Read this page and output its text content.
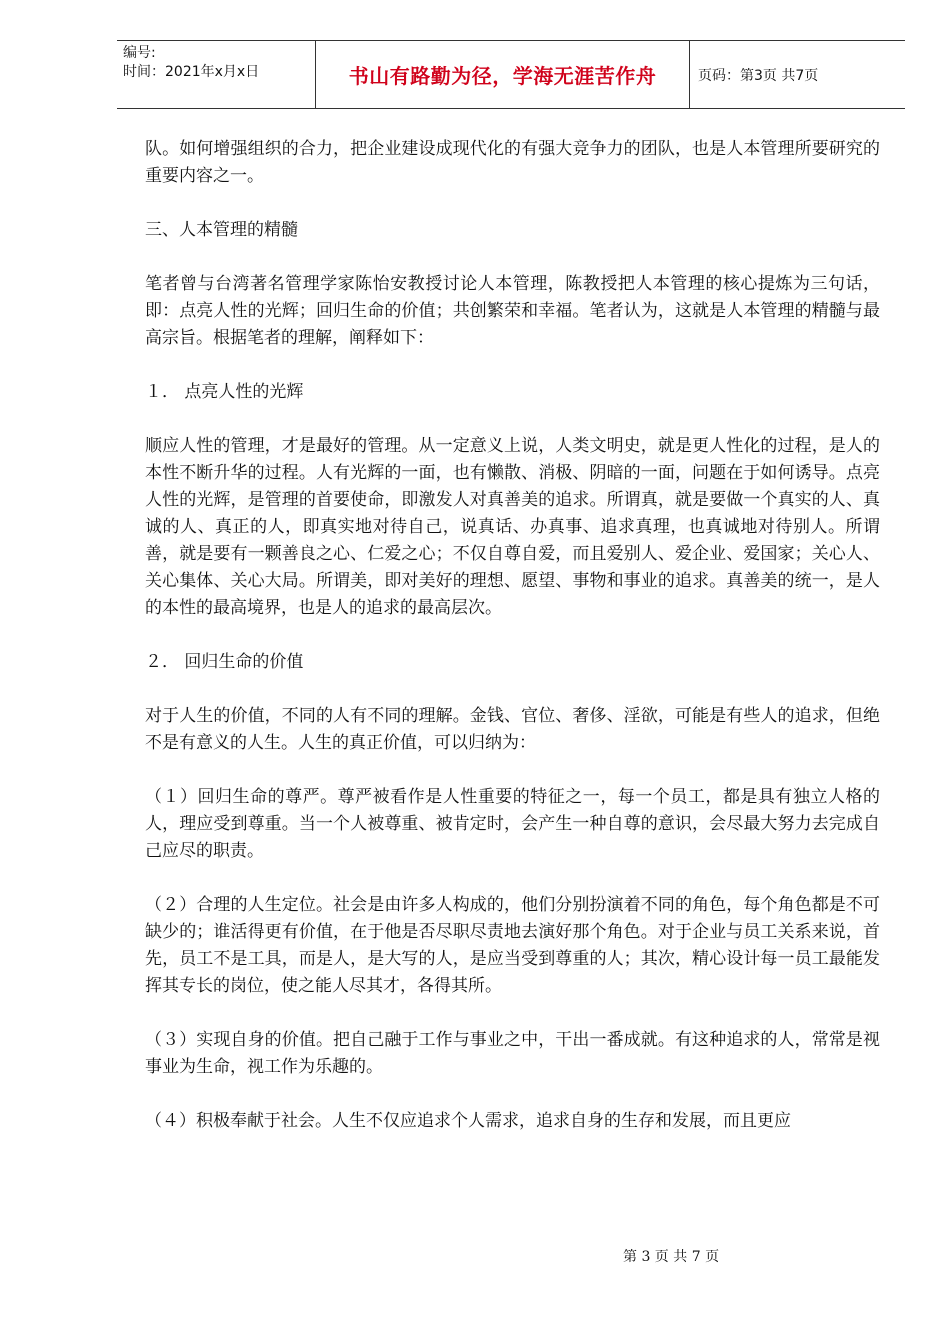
编号:
时间：2021年x月x日	书山有路勤为径，学海无涯苦作舟	页码：第3页 共7页

队。如何增强组织的合力，把企业建设成现代化的有强大竞争力的团队，也是人本管理所要研究的重要内容之一。

三、人本管理的精髓

笔者曾与台湾著名管理学家陈怡安教授讨论人本管理，陈教授把人本管理的核心提炼为三句话，即：点亮人性的光辉；回归生命的价值；共创繁荣和幸福。笔者认为，这就是人本管理的精髓与最高宗旨。根据笔者的理解，阐释如下：

１． 点亮人性的光辉

顺应人性的管理，才是最好的管理。从一定意义上说，人类文明史，就是更人性化的过程，是人的本性不断升华的过程。人有光辉的一面，也有懒散、消极、阴暗的一面，问题在于如何诱导。点亮人性的光辉，是管理的首要使命，即激发人对真善美的追求。所谓真，就是要做一个真实的人、真诚的人、真正的人，即真实地对待自己，说真话、办真事、追求真理，也真诚地对待别人。所谓善，就是要有一颗善良之心、仁爱之心；不仅自尊自爱，而且爱别人、爱企业、爱国家；关心人、关心集体、关心大局。所谓美，即对美好的理想、愿望、事物和事业的追求。真善美的统一，是人的本性的最高境界，也是人的追求的最高层次。

２． 回归生命的价值

对于人生的价值，不同的人有不同的理解。金钱、官位、奢侈、淫欲，可能是有些人的追求，但绝不是有意义的人生。人生的真正价值，可以归纳为：

（１）回归生命的尊严。尊严被看作是人性重要的特征之一，每一个员工，都是具有独立人格的人，理应受到尊重。当一个人被尊重、被肯定时，会产生一种自尊的意识，会尽最大努力去完成自己应尽的职责。

（２）合理的人生定位。社会是由许多人构成的，他们分别扮演着不同的角色，每个角色都是不可缺少的；谁活得更有价值，在于他是否尽职尽责地去演好那个角色。对于企业与员工关系来说，首先，员工不是工具，而是人，是大写的人，是应当受到尊重的人；其次，精心设计每一员工最能发挥其专长的岗位，使之能人尽其才，各得其所。

（３）实现自身的价值。把自己融于工作与事业之中，干出一番成就。有这种追求的人，常常是视事业为生命，视工作为乐趣的。

（４）积极奉献于社会。人生不仅应追求个人需求，追求自身的生存和发展，而且更应

第 3 页 共 7 页
